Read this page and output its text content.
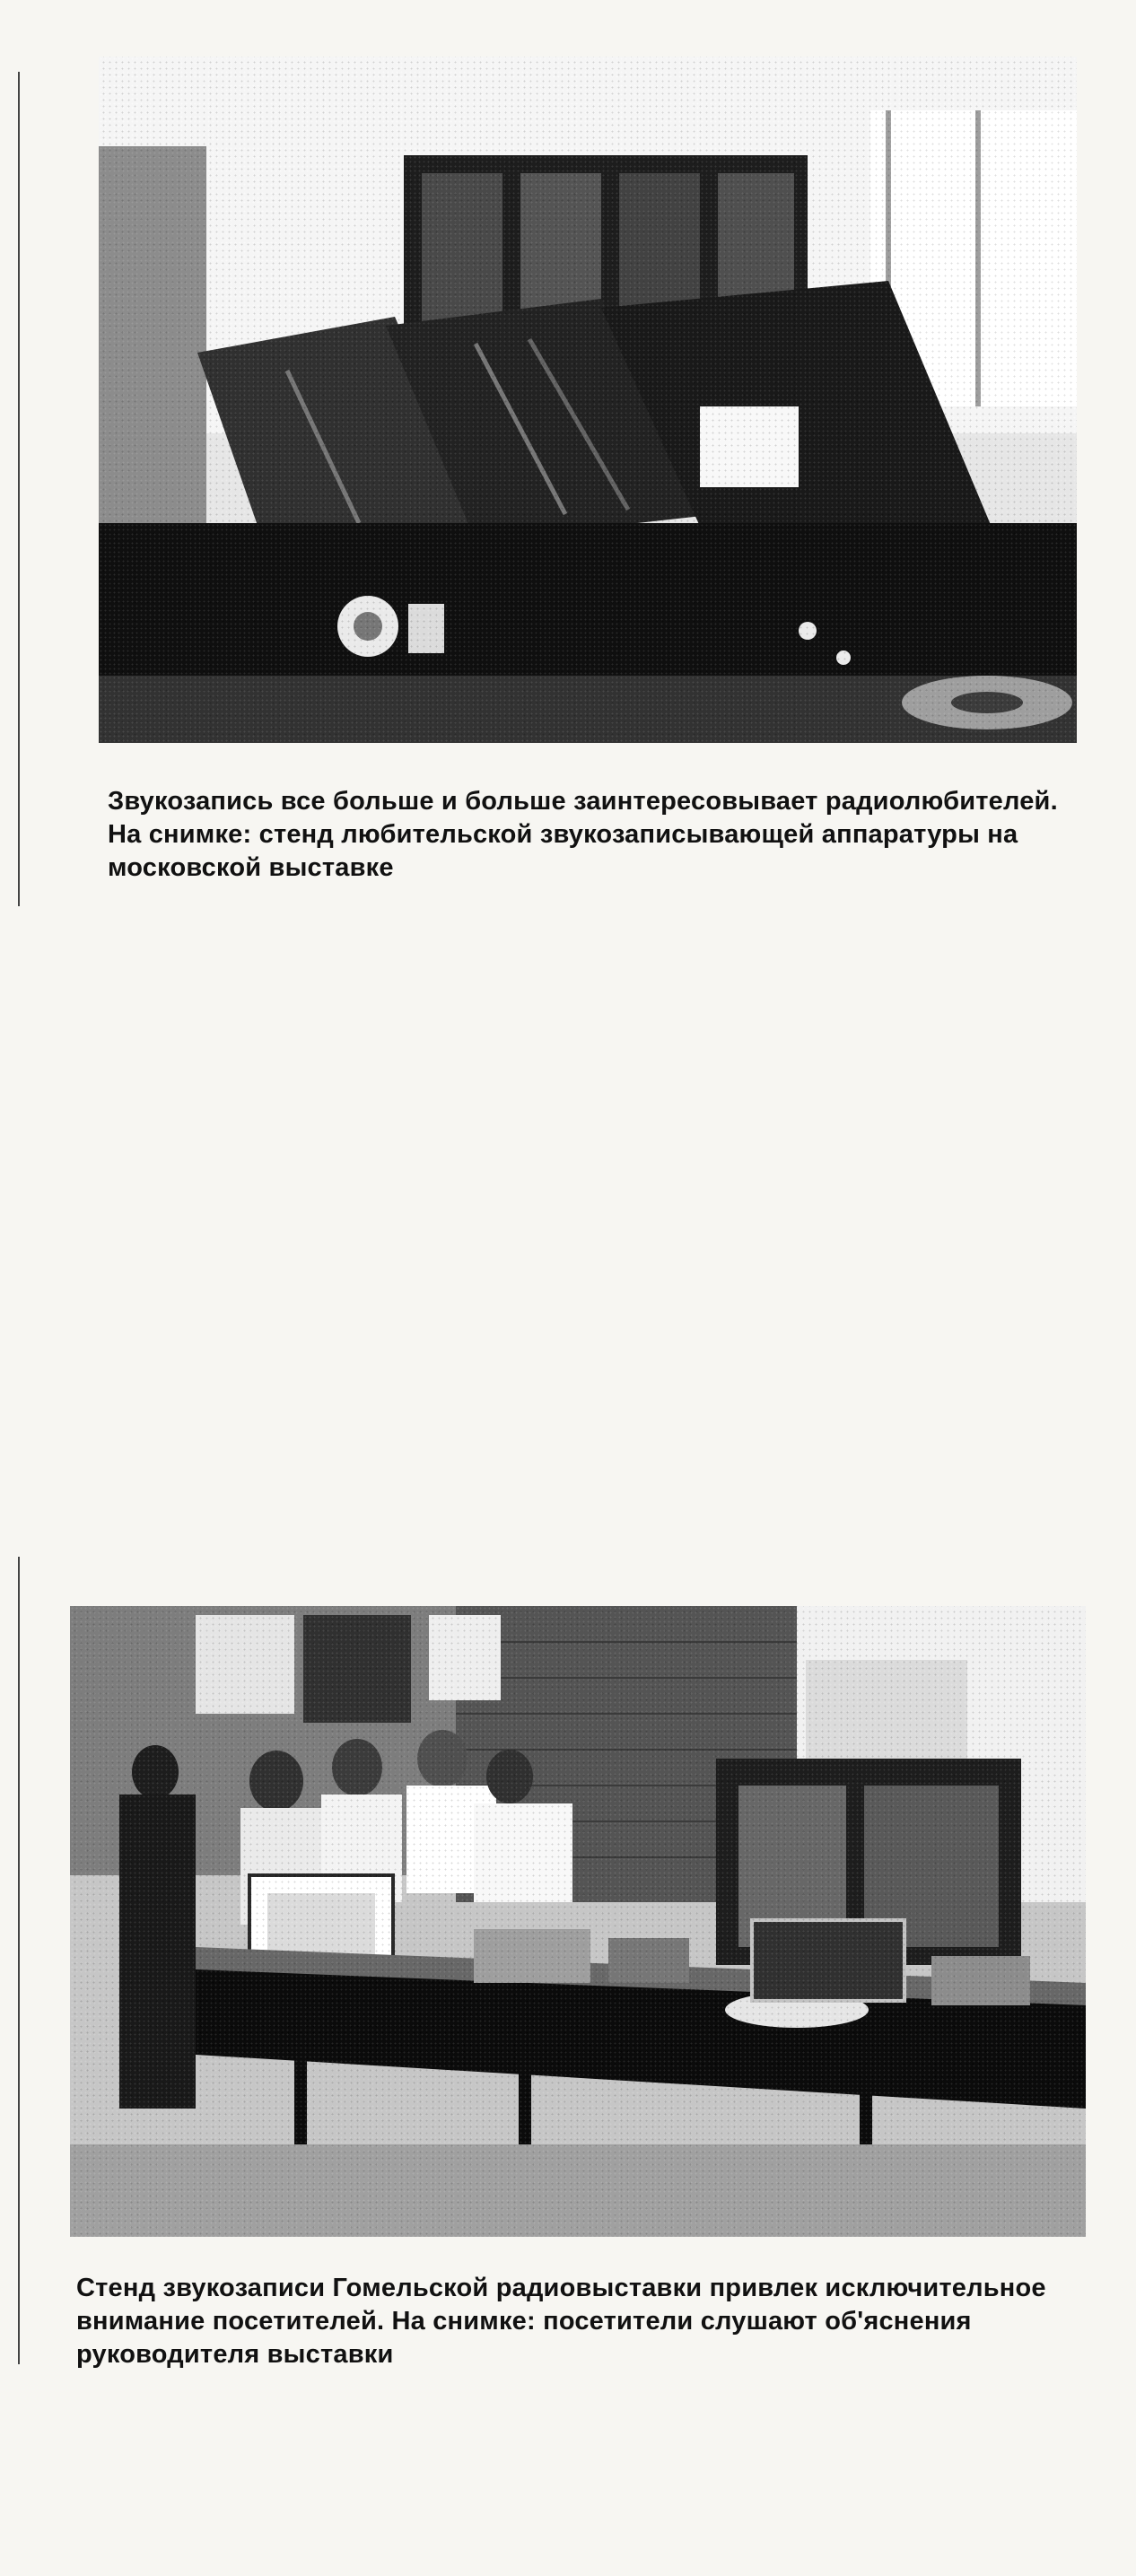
Звукозапись все больше и больше заинтересовывает радиолюбителей. На снимке: стенд любительской звукозаписывающей аппаратуры на московской выставке

Стенд звукозаписи Гомельской радиовыставки привлек исключительное внимание посетителей. На снимке: посетители слушают об'яснения руководителя выставки
